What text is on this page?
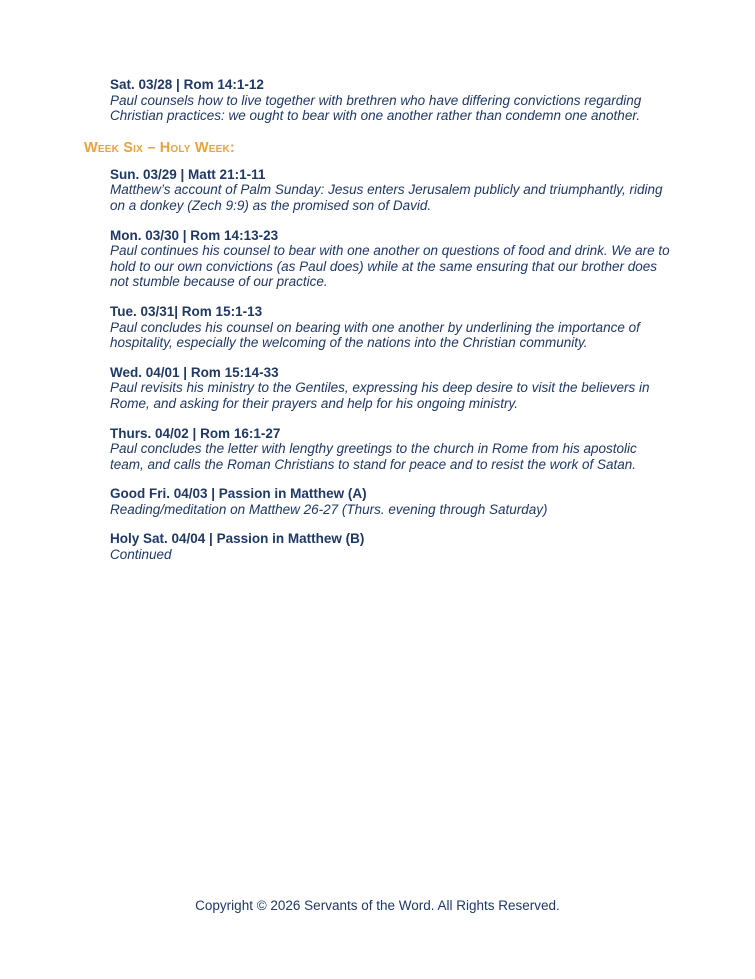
Sat. 03/28 | Rom 14:1-12
Paul counsels how to live together with brethren who have differing convictions regarding Christian practices: we ought to bear with one another rather than condemn one another.
Week Six – Holy Week:
Sun. 03/29 | Matt 21:1-11
Matthew’s account of Palm Sunday: Jesus enters Jerusalem publicly and triumphantly, riding on a donkey (Zech 9:9) as the promised son of David.
Mon. 03/30 | Rom 14:13-23
Paul continues his counsel to bear with one another on questions of food and drink. We are to hold to our own convictions (as Paul does) while at the same ensuring that our brother does not stumble because of our practice.
Tue. 03/31| Rom 15:1-13
Paul concludes his counsel on bearing with one another by underlining the importance of hospitality, especially the welcoming of the nations into the Christian community.
Wed. 04/01 | Rom 15:14-33
Paul revisits his ministry to the Gentiles, expressing his deep desire to visit the believers in Rome, and asking for their prayers and help for his ongoing ministry.
Thurs. 04/02 | Rom 16:1-27
Paul concludes the letter with lengthy greetings to the church in Rome from his apostolic team, and calls the Roman Christians to stand for peace and to resist the work of Satan.
Good Fri. 04/03 | Passion in Matthew (A)
Reading/meditation on Matthew 26-27 (Thurs. evening through Saturday)
Holy Sat. 04/04 | Passion in Matthew (B)
Continued
Copyright © 2026 Servants of the Word. All Rights Reserved.
